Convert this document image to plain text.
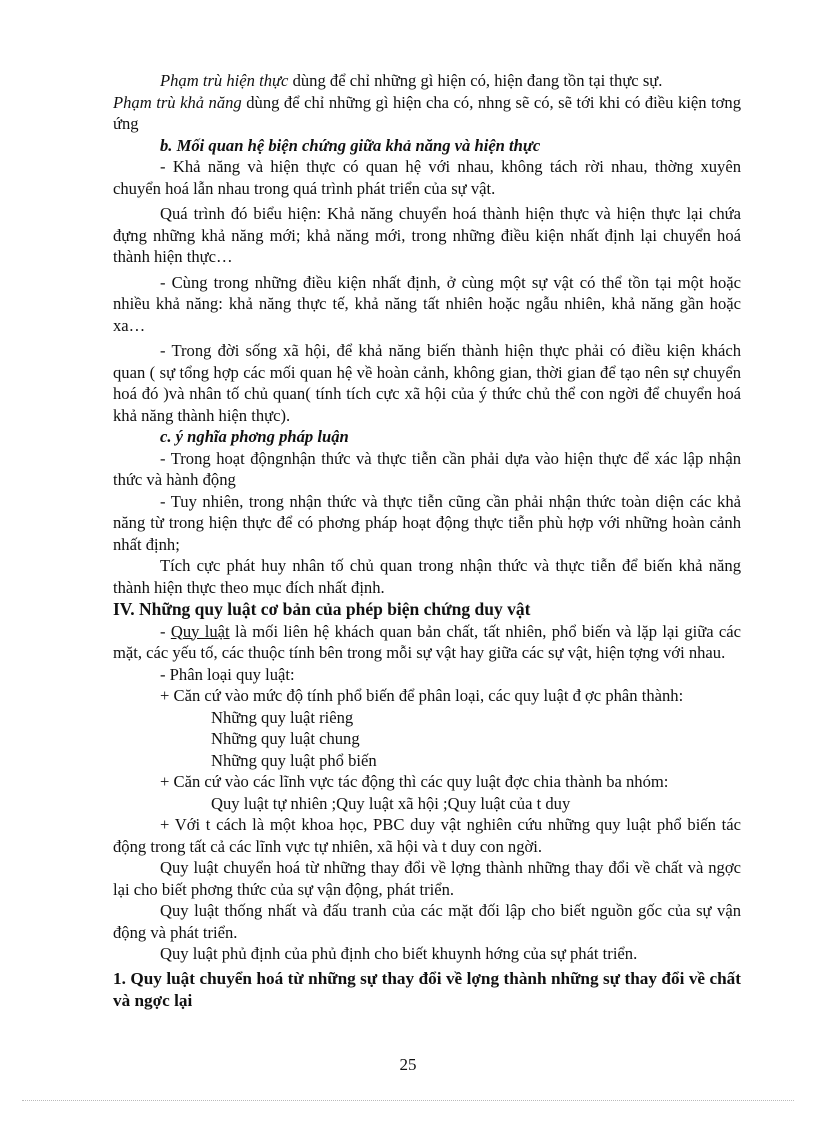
Phạm trù hiện thực dùng để chỉ những gì hiện có, hiện đang tồn tại thực sự.

Phạm trù khả năng dùng để chỉ những gì hiện cha có, nhng sẽ có, sẽ tới khi có điều kiện tơng ứng

b. Mối quan hệ biện chứng giữa khả năng và hiện thực

- Khả năng và hiện thực có quan hệ với nhau, không tách rời nhau, thờng xuyên chuyển hoá lẫn nhau trong quá trình phát triển của sự vật.

Quá trình đó biểu hiện: Khả năng chuyển hoá thành hiện thực và hiện thực lại chứa đựng những khả năng mới; khả năng mới, trong những điều kiện nhất định lại chuyển hoá thành hiện thực…

- Cùng trong những điều kiện nhất định, ở cùng một sự vật có thể tồn tại một hoặc nhiều khả năng: khả năng thực tế, khả năng tất nhiên hoặc ngẫu nhiên, khả năng gần hoặc xa…

- Trong đời sống xã hội, để khả năng biến thành hiện thực phải có điều kiện khách quan ( sự tổng hợp các mối quan hệ về hoàn cảnh, không gian, thời gian để tạo nên sự chuyển hoá đó )và nhân tố chủ quan( tính tích cực xã hội của ý thức chủ thể con ngời để chuyển hoá khả năng thành hiện thực).

c. ý nghĩa phơng pháp luận

- Trong hoạt độngnhận thức và thực tiễn cần phải dựa vào hiện thực để xác lập nhận thức và hành động

- Tuy nhiên, trong nhận thức và thực tiễn cũng cần phải nhận thức toàn diện các khả năng từ trong hiện thực để có phơng pháp hoạt động thực tiễn phù hợp với những hoàn cảnh nhất định;

Tích cực phát huy nhân tố chủ quan trong nhận thức và thực tiễn để biến khả năng thành hiện thực theo mục đích nhất định.

IV. Những quy luật cơ bản của phép biện chứng duy vật

- Quy luật là mối liên hệ khách quan bản chất, tất nhiên, phổ biến và lặp lại giữa các mặt, các yếu tố, các thuộc tính bên trong mỗi sự vật hay giữa các sự vật, hiện tợng với nhau.

- Phân loại quy luật:

+ Căn cứ vào mức độ tính phổ biến để phân loại, các quy luật đ ợc phân thành:

Những quy luật riêng

Những quy luật chung

Những quy luật phổ biến

+ Căn cứ vào các lĩnh vực tác động thì các quy luật đợc chia thành ba nhóm:

Quy luật tự nhiên ;Quy luật xã hội ;Quy luật của t duy

+ Với t cách là một khoa học, PBC duy vật nghiên cứu những quy luật phổ biến tác động trong tất cả các lĩnh vực tự nhiên, xã hội và t duy con ngời.

Quy luật chuyển hoá từ những thay đổi về lợng thành những thay đổi về chất và ngợc lại cho biết phơng thức của sự vận động, phát triển.

Quy luật thống nhất và đấu tranh của các mặt đối lập cho biết nguồn gốc của sự vận động và phát triển.

Quy luật phủ định của phủ định cho biết khuynh hớng của sự phát triển.

1. Quy luật chuyển hoá từ những sự thay đổi về lợng thành những sự thay đổi về chất và ngợc lại

25
